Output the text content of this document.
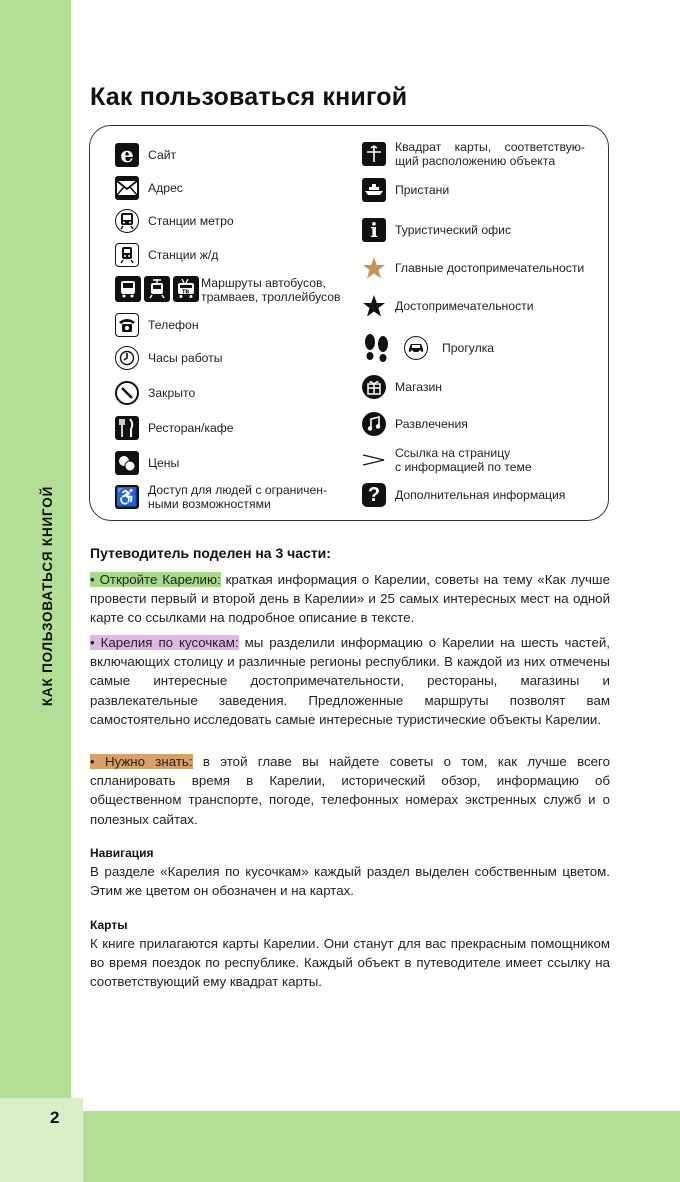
КАК ПОЛЬЗОВАТЬСЯ КНИГОЙ
2
Как пользоваться книгой
e	Сайт
Адрес
Станции метро
Станции ж/д
TB
Маршруты автобусов,
трамваев, троллейбусов
Телефон
Часы работы
Закрыто
Ресторан/кафе
Цены
♿ Доступ для людей с ограничен-
ными возможностями
Квадрат карты, соответствую-
щий расположению объекта
Пристани
i	Туристический офис
Главные достопримечательности
Достопримечательности
Прогулка
Магазин
Развлечения
Ссылка на страницу
с информацией по теме
?	Дополнительная информация
Путеводитель поделен на 3 части:

• Откройте Карелию: краткая информация о Карелии, советы на тему «Как лучше провести первый и второй день в Карелии» и 25 самых интересных мест на одной карте со ссылками на подробное описание в тексте.

• Карелия по кусочкам: мы разделили информацию о Карелии на шесть частей, включающих столицу и различные регионы республики. В каждой из них отмечены самые интересные достопримечательности, рестораны, магазины и развлекательные заведения. Предложенные маршруты позволят вам самостоятельно исследовать самые интересные туристические объекты Карелии.

• Нужно знать: в этой главе вы найдете советы о том, как лучше всего спланировать время в Карелии, исторический обзор, информацию об общественном транспорте, погоде, телефонных номерах экстренных служб и о полезных сайтах.

Навигация

В разделе «Карелия по кусочкам» каждый раздел выделен собственным цветом. Этим же цветом он обозначен и на картах.

Карты

К книге прилагаются карты Карелии. Они станут для вас прекрасным помощником во время поездок по республике. Каждый объект в путеводителе имеет ссылку на соответствующий ему квадрат карты.
